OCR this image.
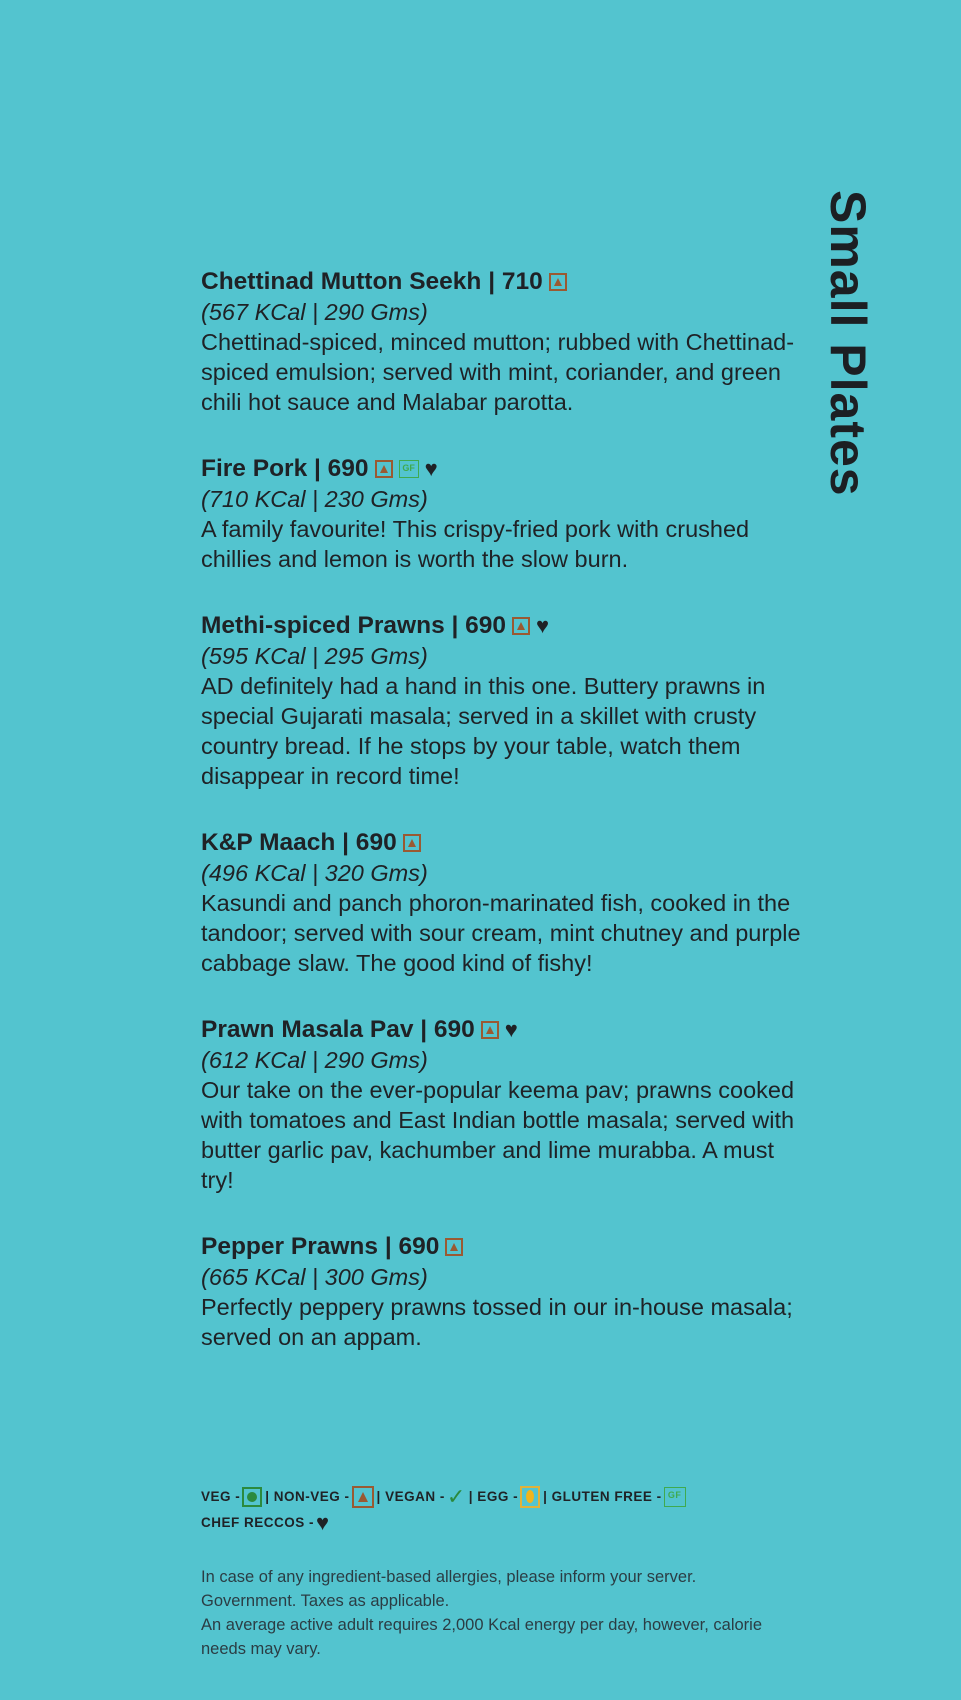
Small Plates
Chettinad Mutton Seekh | 710
(567 KCal | 290 Gms)
Chettinad-spiced, minced mutton; rubbed with Chettinad-spiced emulsion; served with mint, coriander, and green chili hot sauce and Malabar parotta.
Fire Pork | 690	GF ♥
(710 KCal | 230 Gms)
A family favourite! This crispy-fried pork with crushed chillies and lemon is worth the slow burn.
Methi-spiced Prawns | 690 ♥
(595 KCal | 295 Gms)
AD definitely had a hand in this one. Buttery prawns in special Gujarati masala; served in a skillet with crusty country bread. If he stops by your table, watch them disappear in record time!
K&P Maach | 690
(496 KCal | 320 Gms)
Kasundi and panch phoron-marinated fish, cooked in the tandoor; served with sour cream, mint chutney and purple cabbage slaw. The good kind of fishy!
Prawn Masala Pav | 690 ♥
(612 KCal | 290 Gms)
Our take on the ever-popular keema pav; prawns cooked with tomatoes and East Indian bottle masala; served with butter garlic pav, kachumber and lime murabba. A must try!
Pepper Prawns | 690
(665 KCal | 300 Gms)
Perfectly peppery prawns tossed in our in-house masala; served on an appam.
VEG - | NON-VEG - | VEGAN - ✓ | EGG - | GLUTEN FREE - GF
CHEF RECCOS - ♥
In case of any ingredient-based allergies, please inform your server.
Government. Taxes as applicable.
An average active adult requires 2,000 Kcal energy per day, however, calorie needs may vary.
